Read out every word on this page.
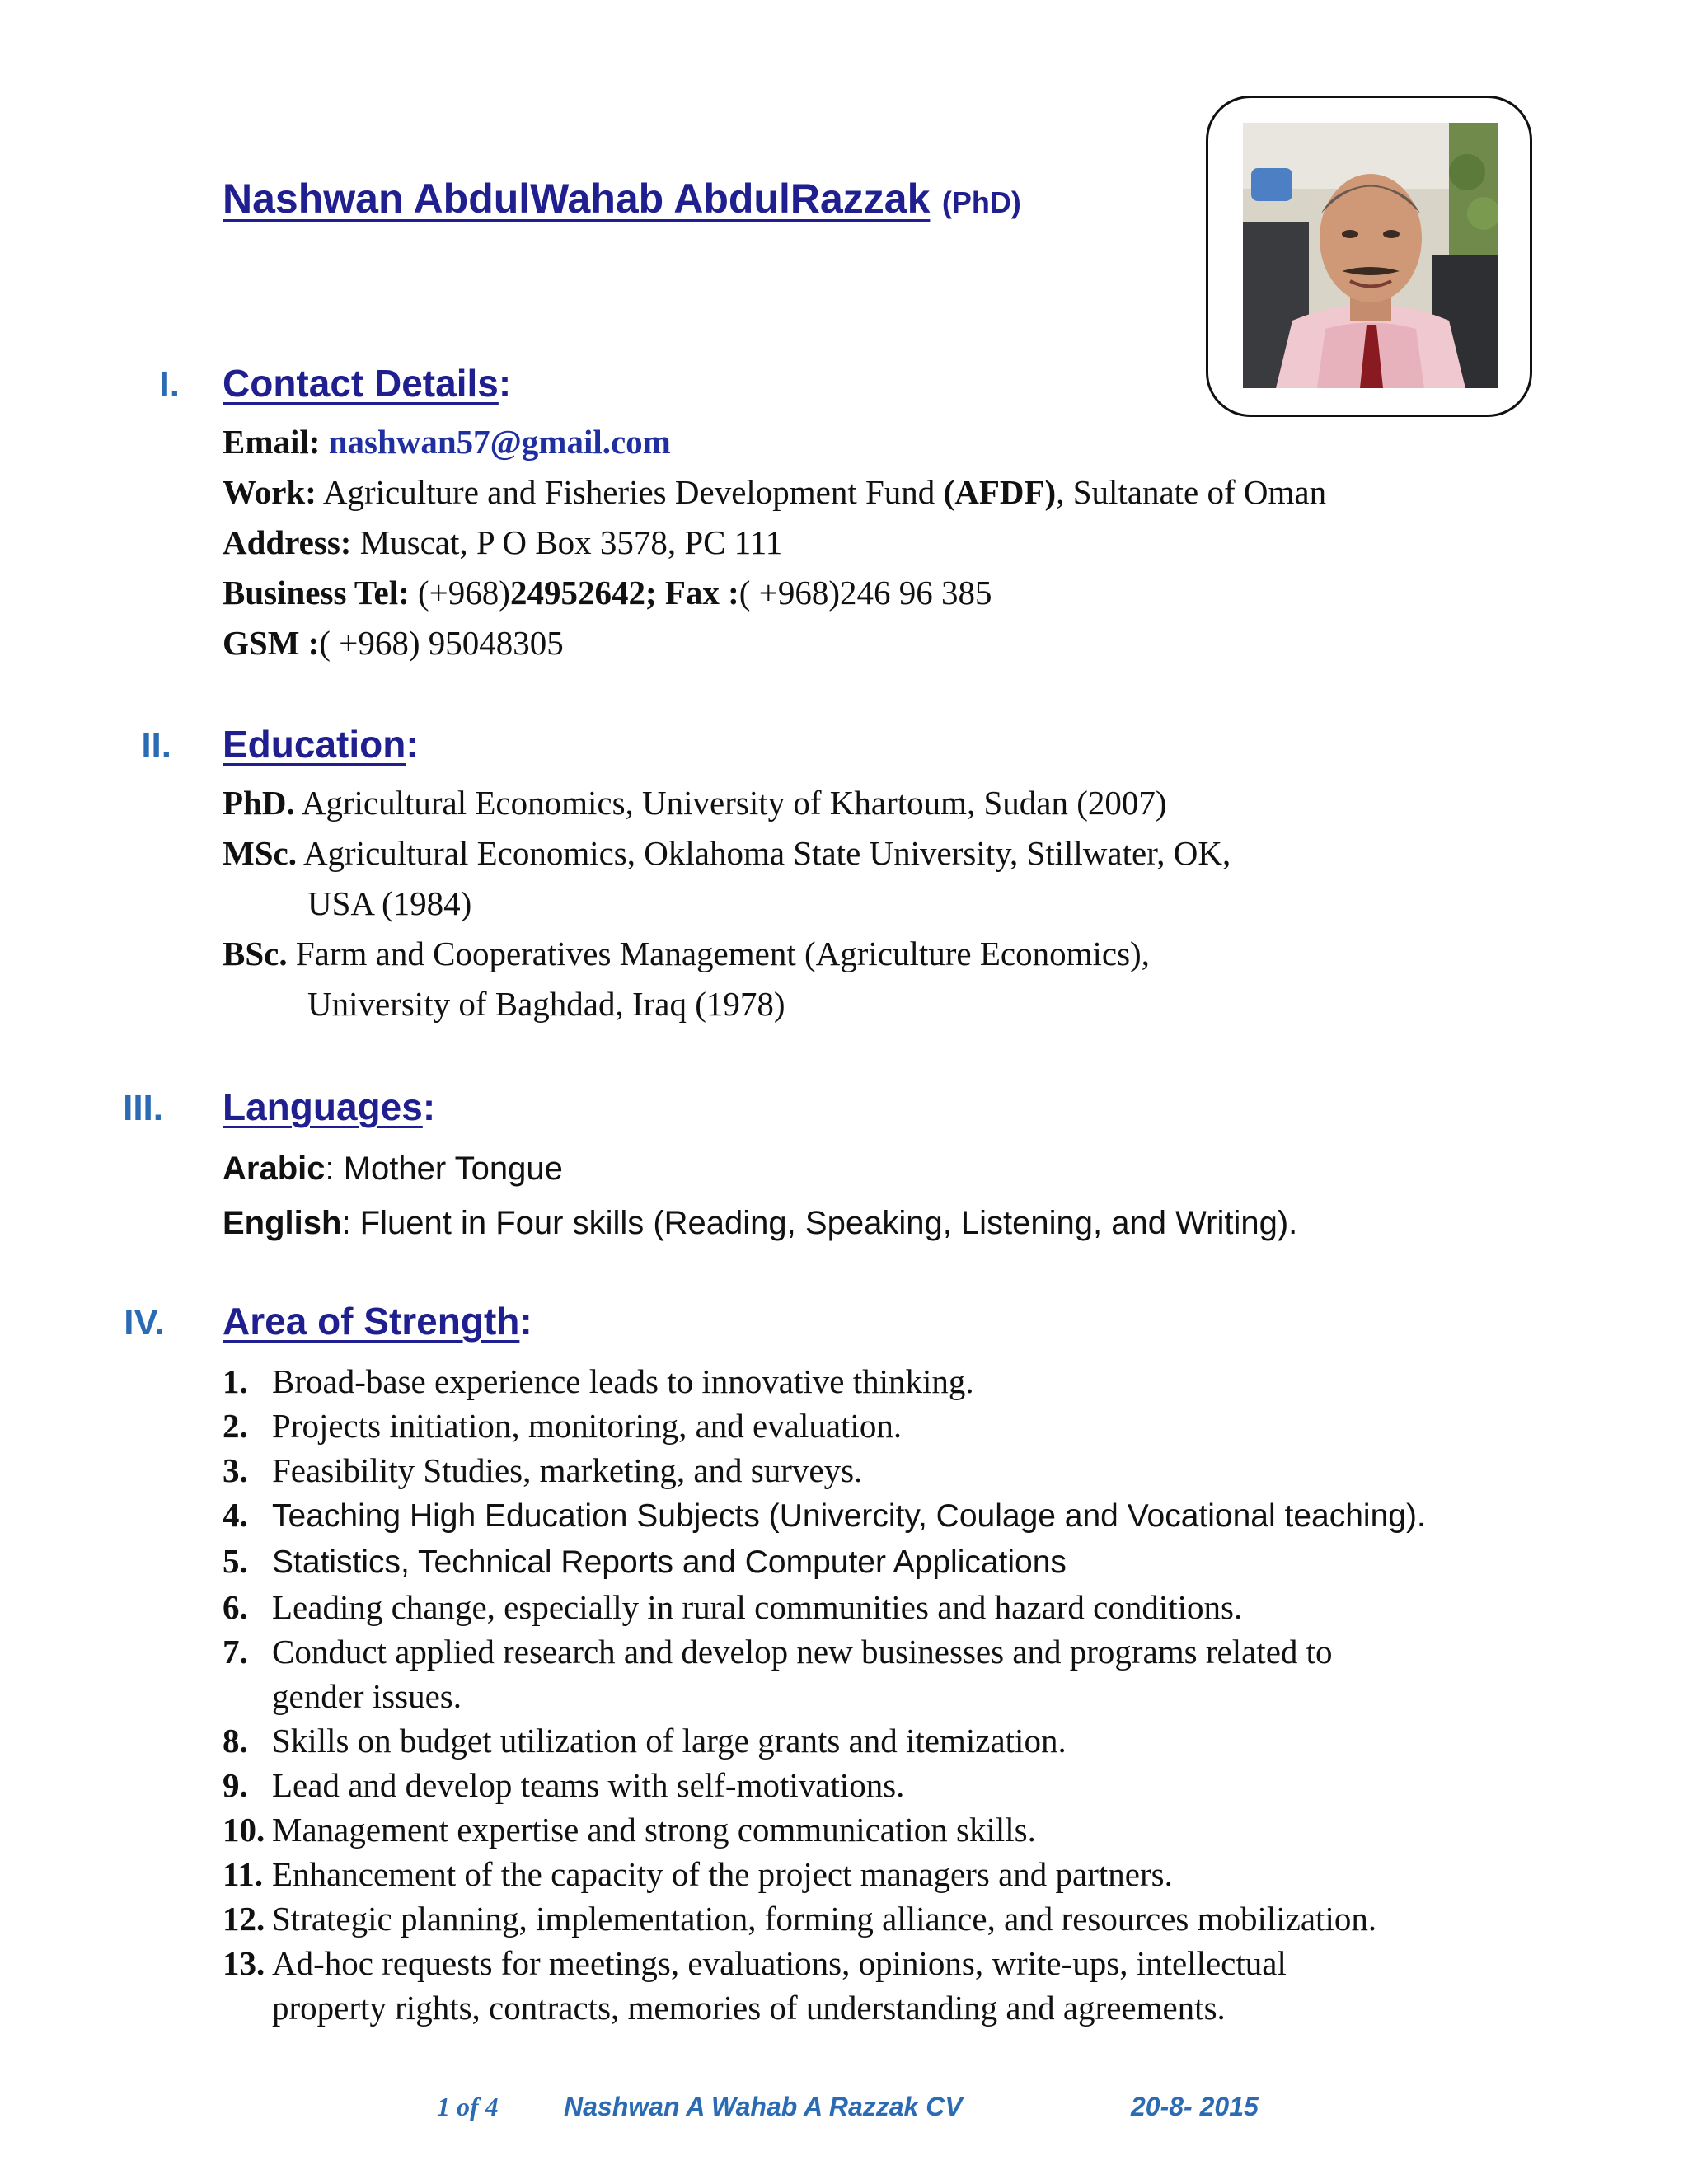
Nashwan AbdulWahab AbdulRazzak (PhD)
I. Contact Details:
Email: nashwan57@gmail.com
Work: Agriculture and Fisheries Development Fund (AFDF), Sultanate of Oman
Address: Muscat, P O Box 3578, PC 111
Business Tel: (+968)24952642; Fax :( +968)246 96 385
GSM :( +968) 95048305
II. Education:
PhD. Agricultural Economics, University of Khartoum, Sudan (2007)
MSc. Agricultural Economics, Oklahoma State University, Stillwater, OK,
USA (1984)
BSc. Farm and Cooperatives Management (Agriculture Economics),
University of Baghdad, Iraq (1978)
III. Languages:
Arabic: Mother Tongue
English: Fluent in Four skills (Reading, Speaking, Listening, and Writing).
IV. Area of Strength:
1. Broad-base experience leads to innovative thinking.
2. Projects initiation, monitoring, and evaluation.
3. Feasibility Studies, marketing, and surveys.
4. Teaching High Education Subjects (Univercity, Coulage and Vocational teaching).
5. Statistics, Technical Reports and Computer Applications
6. Leading change, especially in rural communities and hazard conditions.
7. Conduct applied research and develop new businesses and programs related to
gender issues.
8. Skills on budget utilization of large grants and itemization.
9. Lead and develop teams with self-motivations.
10. Management expertise and strong communication skills.
11. Enhancement of the capacity of the project managers and partners.
12. Strategic planning, implementation, forming alliance, and resources mobilization.
13. Ad-hoc requests for meetings, evaluations, opinions, write-ups, intellectual
property rights, contracts, memories of understanding and agreements.
1 of 4 Nashwan A Wahab A Razzak CV	20-8- 2015
